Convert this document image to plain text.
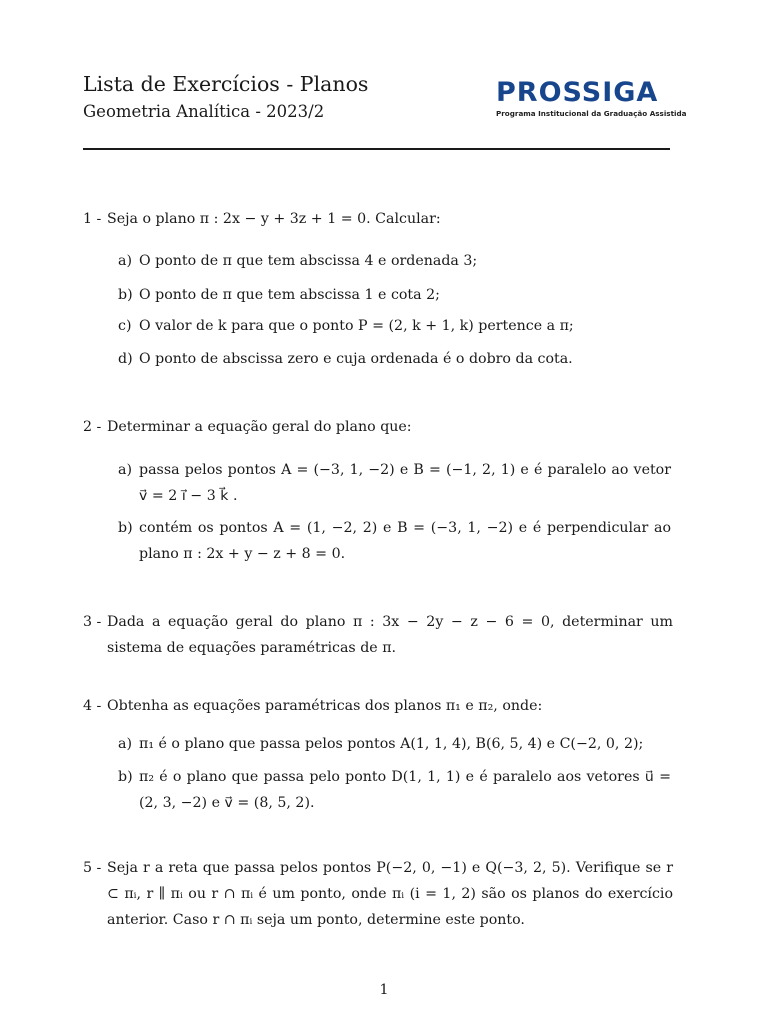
Lista de Exercícios - Planos
Geometria Analítica - 2023/2
PROSSIGA
Programa Institucional da Graduação Assistida
1 - Seja o plano π : 2x − y + 3z + 1 = 0. Calcular:
a) O ponto de π que tem abscissa 4 e ordenada 3;
b) O ponto de π que tem abscissa 1 e cota 2;
c) O valor de k para que o ponto P = (2, k + 1, k) pertence a π;
d) O ponto de abscissa zero e cuja ordenada é o dobro da cota.
2 - Determinar a equação geral do plano que:
a) passa pelos pontos A = (−3, 1, −2) e B = (−1, 2, 1) e é paralelo ao vetor v⃗ = 2 i⃗ − 3 k⃗ .
b) contém os pontos A = (1, −2, 2) e B = (−3, 1, −2) e é perpendicular ao plano π : 2x + y − z + 8 = 0.
3 - Dada a equação geral do plano π : 3x − 2y − z − 6 = 0, determinar um sistema de equações paramétricas de π.
4 - Obtenha as equações paramétricas dos planos π₁ e π₂, onde:
a) π₁ é o plano que passa pelos pontos A(1, 1, 4), B(6, 5, 4) e C(−2, 0, 2);
b) π₂ é o plano que passa pelo ponto D(1, 1, 1) e é paralelo aos vetores u⃗ = (2, 3, −2) e v⃗ = (8, 5, 2).
5 - Seja r a reta que passa pelos pontos P(−2, 0, −1) e Q(−3, 2, 5). Verifique se r ⊂ πᵢ, r ∥ πᵢ ou r ∩ πᵢ é um ponto, onde πᵢ (i = 1, 2) são os planos do exercício anterior. Caso r ∩ πᵢ seja um ponto, determine este ponto.
1
